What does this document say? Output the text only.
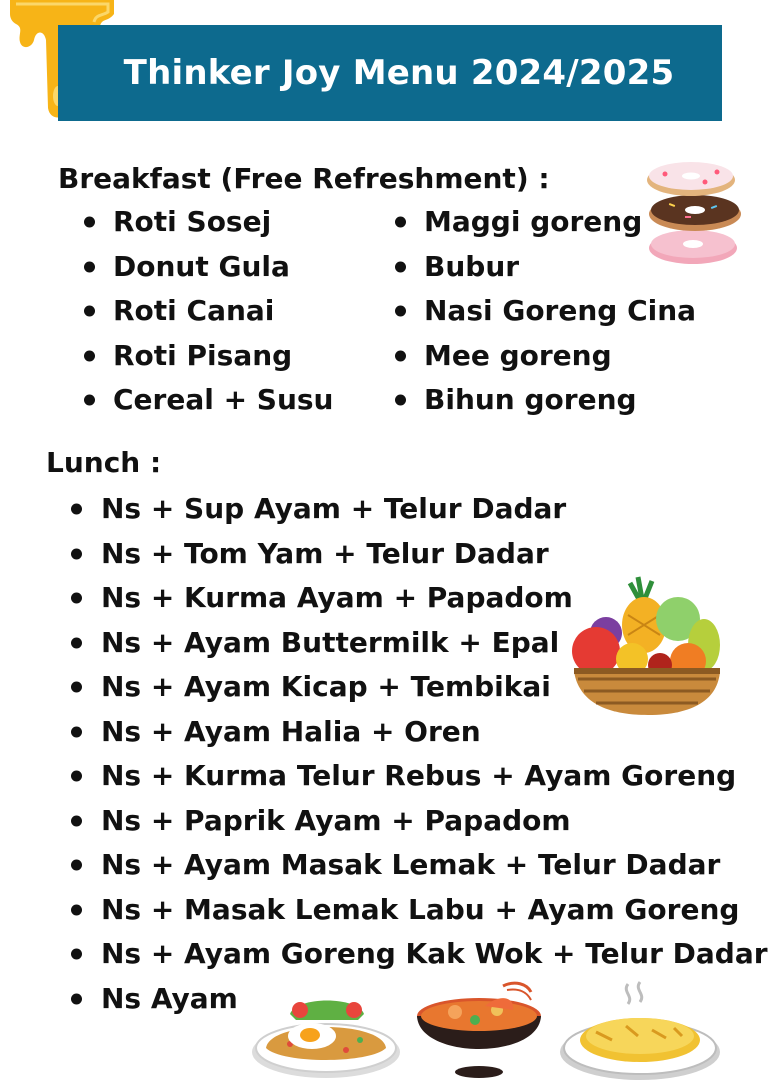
Thinker Joy Menu 2024/2025
Breakfast (Free Refreshment) :
Roti Sosej
Donut Gula
Roti Canai
Roti Pisang
Cereal + Susu
Maggi goreng
Bubur
Nasi Goreng Cina
Mee goreng
Bihun goreng
Lunch :
Ns + Sup Ayam + Telur Dadar
Ns + Tom Yam + Telur Dadar
Ns + Kurma Ayam + Papadom
Ns + Ayam Buttermilk + Epal
Ns + Ayam Kicap + Tembikai
Ns + Ayam Halia + Oren
Ns + Kurma Telur Rebus + Ayam Goreng
Ns + Paprik Ayam + Papadom
Ns + Ayam Masak Lemak + Telur Dadar
Ns + Masak Lemak Labu + Ayam Goreng
Ns + Ayam Goreng Kak Wok + Telur Dadar
Ns Ayam
